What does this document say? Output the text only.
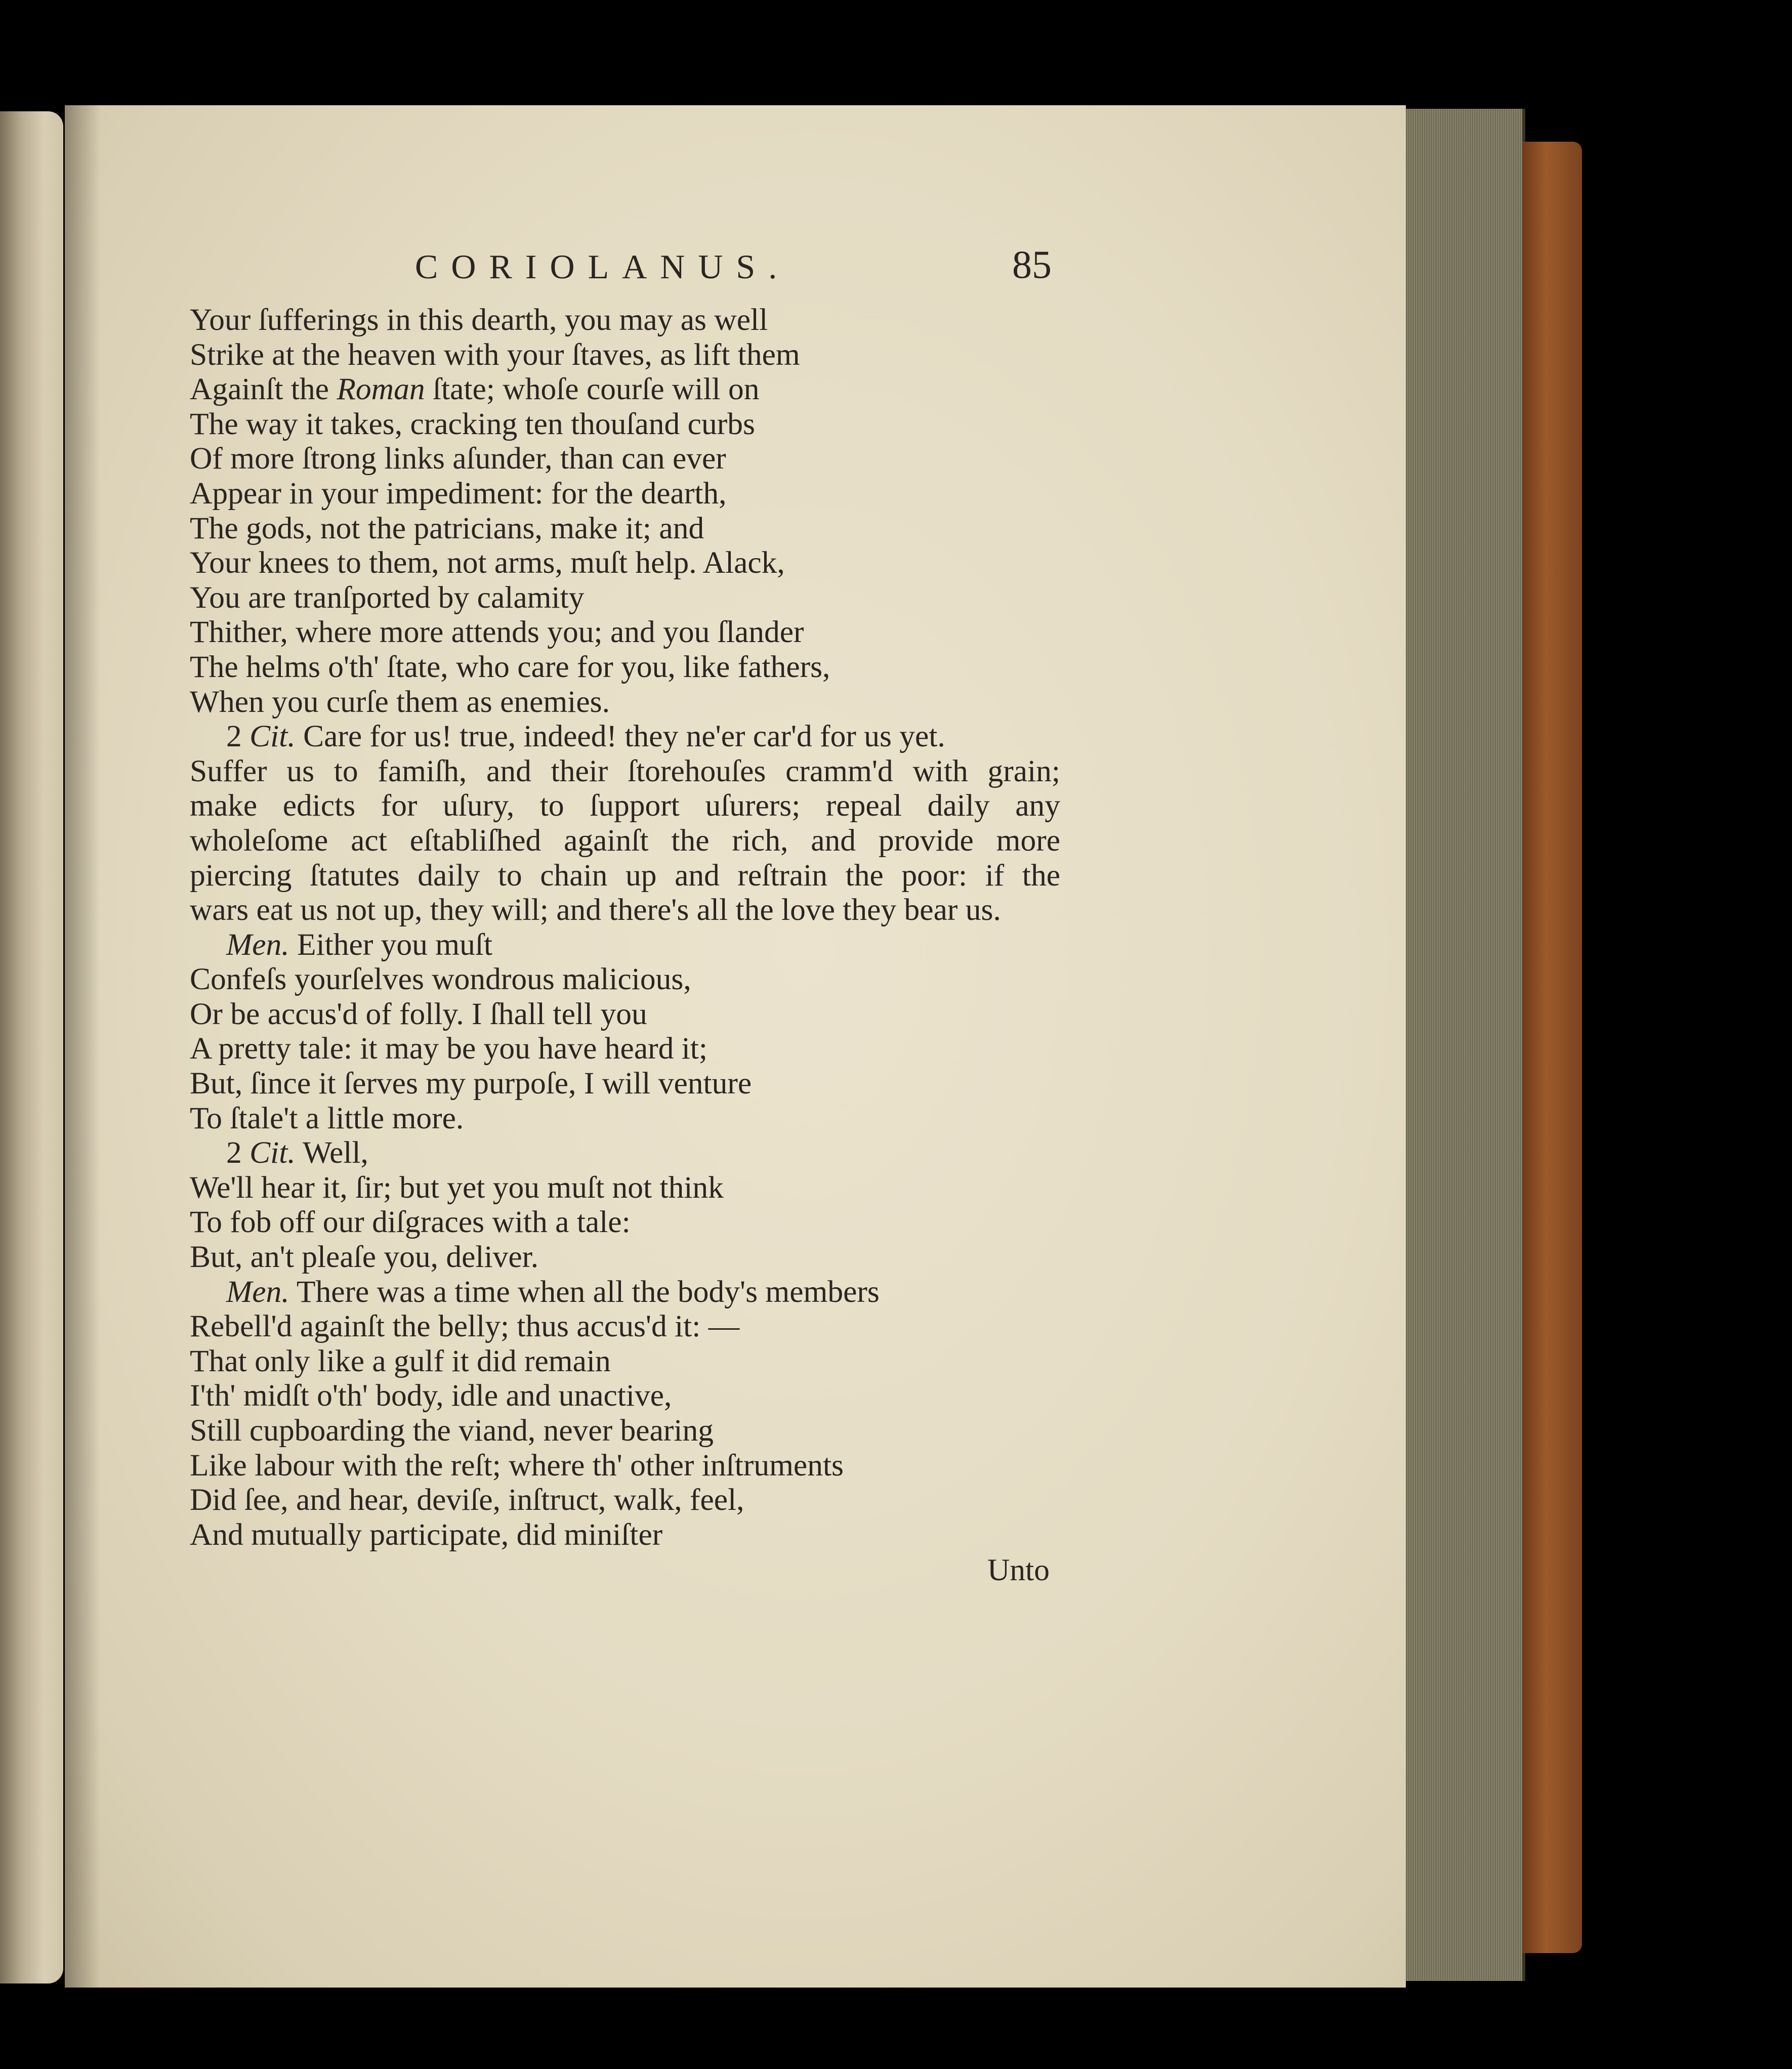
CORIOLANUS.	85
Your ſufferings in this dearth, you may as well
Strike at the heaven with your ſtaves, as lift them
Againſt the Roman ſtate; whoſe courſe will on
The way it takes, cracking ten thouſand curbs
Of more ſtrong links aſunder, than can ever
Appear in your impediment: for the dearth,
The gods, not the patricians, make it; and
Your knees to them, not arms, muſt help. Alack,
You are tranſported by calamity
Thither, where more attends you; and you ſlander
The helms o'th' ſtate, who care for you, like fathers,
When you curſe them as enemies.
2 Cit. Care for us! true, indeed! they ne'er car'd for us yet.
Suffer us to famiſh, and their ſtorehouſes cramm'd with grain;
make edicts for uſury, to ſupport uſurers; repeal daily any
wholeſome act eſtabliſhed againſt the rich, and provide more
piercing ſtatutes daily to chain up and reſtrain the poor: if the
wars eat us not up, they will; and there's all the love they bear us.
Men. Either you muſt
Confeſs yourſelves wondrous malicious,
Or be accus'd of folly. I ſhall tell you
A pretty tale: it may be you have heard it;
But, ſince it ſerves my purpoſe, I will venture
To ſtale't a little more.
2 Cit. Well,
We'll hear it, ſir; but yet you muſt not think
To fob off our diſgraces with a tale:
But, an't pleaſe you, deliver.
Men. There was a time when all the body's members
Rebell'd againſt the belly; thus accus'd it: —
That only like a gulf it did remain
I'th' midſt o'th' body, idle and unactive,
Still cupboarding the viand, never bearing
Like labour with the reſt; where th' other inſtruments
Did ſee, and hear, deviſe, inſtruct, walk, feel,
And mutually participate, did miniſter
Unto
